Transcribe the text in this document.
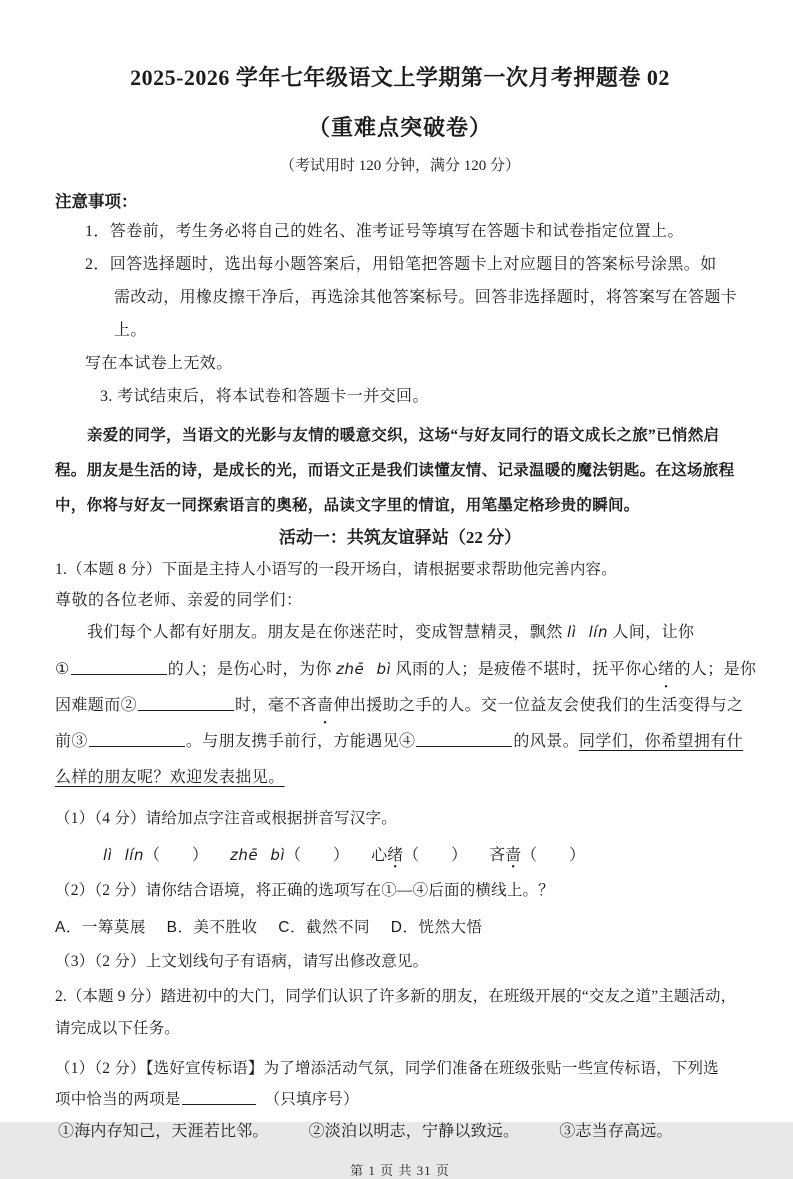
2025-2026 学年七年级语文上学期第一次月考押题卷 02
（重难点突破卷）
（考试用时 120 分钟，满分 120 分）
注意事项：
1．答卷前，考生务必将自己的姓名、准考证号等填写在答题卡和试卷指定位置上。
2．回答选择题时，选出每小题答案后，用铅笔把答题卡上对应题目的答案标号涂黑。如
需改动，用橡皮擦干净后，再选涂其他答案标号。回答非选择题时，将答案写在答题卡上。
写在本试卷上无效。
3. 考试结束后，将本试卷和答题卡一并交回。
亲爱的同学，当语文的光影与友情的暖意交织，这场“与好友同行的语文成长之旅”已悄然启
程。朋友是生活的诗，是成长的光，而语文正是我们读懂友情、记录温暖的魔法钥匙。在这场旅程
中，你将与好友一同探索语言的奥秘，品读文字里的情谊，用笔墨定格珍贵的瞬间。
活动一：共筑友谊驿站（22 分）
1.（本题 8 分）下面是主持人小语写的一段开场白，请根据要求帮助他完善内容。
尊敬的各位老师、亲爱的同学们：
我们每个人都有好朋友。朋友是在你迷茫时，变成智慧精灵，飘然 lì lín 人间，让你
①	的人；是伤心时，为你 zhē bì 风雨的人；是疲倦不堪时，抚平你心绪的人；是你
因难题而②	时，毫不吝啬伸出援助之手的人。交一位益友会使我们的生活变得与之
前③	。与朋友携手前行，方能遇见④	的风景。同学们，你希望拥有什
么样的朋友呢？欢迎发表拙见。
（1）（4 分）请给加点字注音或根据拼音写汉字。
lì lín（　　） zhē bì（　　） 心绪（　　） 吝啬（　　）
（2）（2 分）请你结合语境，将正确的选项写在①—④后面的横线上。？
A．一筹莫展　 B．美不胜收　 C．截然不同　 D．恍然大悟
（3）（2 分）上文划线句子有语病，请写出修改意见。
2.（本题 9 分）踏进初中的大门，同学们认识了许多新的朋友，在班级开展的“交友之道”主题活动，
请完成以下任务。
（1）（2 分）【选好宣传标语】为了增添活动气氛，同学们准备在班级张贴一些宣传标语，下列选
项中恰当的两项是　	（只填序号）
①海内存知己，天涯若比邻。	②淡泊以明志，宁静以致远。	③志当存高远。
第 1 页 共 31 页
